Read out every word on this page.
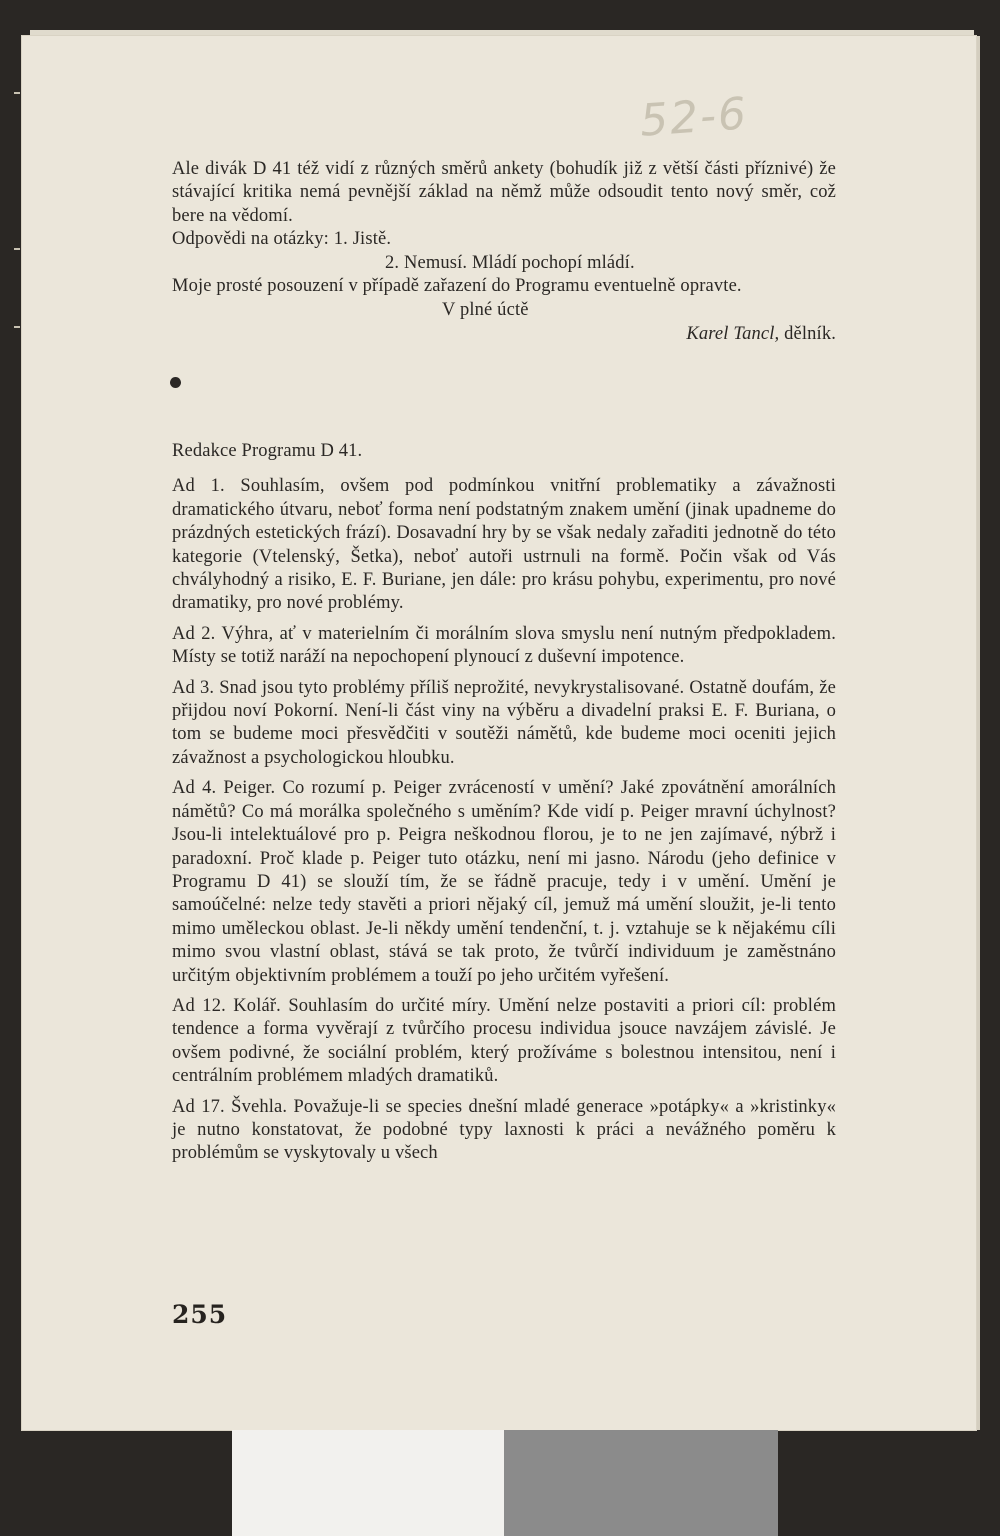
52-6

Ale divák D 41 též vidí z různých směrů ankety (bohudík již z větší části příznivé) že stávající kritika nemá pevnější základ na němž může odsoudit tento nový směr, což bere na vědomí.

Odpovědi na otázky: 1. Jistě.
2. Nemusí. Mládí pochopí mládí.

Moje prosté posouzení v případě zařazení do Programu eventuelně opravte.

V plné úctě
Karel Tancl, dělník.

Redakce Programu D 41.

Ad 1. Souhlasím, ovšem pod podmínkou vnitřní problematiky a závažnosti dramatického útvaru, neboť forma není podstatným znakem umění (jinak upadneme do prázdných estetických frází). Dosavadní hry by se však nedaly zařaditi jednotně do této kategorie (Vtelenský, Šetka), neboť autoři ustrnuli na formě. Počin však od Vás chvályhodný a risiko, E. F. Buriane, jen dále: pro krásu pohybu, experimentu, pro nové dramatiky, pro nové problémy.

Ad 2. Výhra, ať v materielním či morálním slova smyslu není nutným předpokladem. Místy se totiž naráží na nepochopení plynoucí z duševní impotence.

Ad 3. Snad jsou tyto problémy příliš neprožité, nevykrystalisované. Ostatně doufám, že přijdou noví Pokorní. Není-li část viny na výběru a divadelní praksi E. F. Buriana, o tom se budeme moci přesvědčiti v soutěži námětů, kde budeme moci oceniti jejich závažnost a psychologickou hloubku.

Ad 4. Peiger. Co rozumí p. Peiger zvráceností v umění? Jaké zpovátnění amorálních námětů? Co má morálka společného s uměním? Kde vidí p. Peiger mravní úchylnost? Jsou-li intelektuálové pro p. Peigra neškodnou florou, je to ne jen zajímavé, nýbrž i paradoxní. Proč klade p. Peiger tuto otázku, není mi jasno. Národu (jeho definice v Programu D 41) se slouží tím, že se řádně pracuje, tedy i v umění. Umění je samoúčelné: nelze tedy stavěti a priori nějaký cíl, jemuž má umění sloužit, je-li tento mimo uměleckou oblast. Je-li někdy umění tendenční, t. j. vztahuje se k nějakému cíli mimo svou vlastní oblast, stává se tak proto, že tvůrčí individuum je zaměstnáno určitým objektivním problémem a touží po jeho určitém vyřešení.

Ad 12. Kolář. Souhlasím do určité míry. Umění nelze postaviti a priori cíl: problém tendence a forma vyvěrají z tvůrčího procesu individua jsouce navzájem závislé. Je ovšem podivné, že sociální problém, který prožíváme s bolestnou intensitou, není i centrálním problémem mladých dramatiků.

Ad 17. Švehla. Považuje-li se species dnešní mladé generace »potápky« a »kristinky« je nutno konstatovat, že podobné typy laxnosti k práci a nevážného poměru k problémům se vyskytovaly u všech

255
